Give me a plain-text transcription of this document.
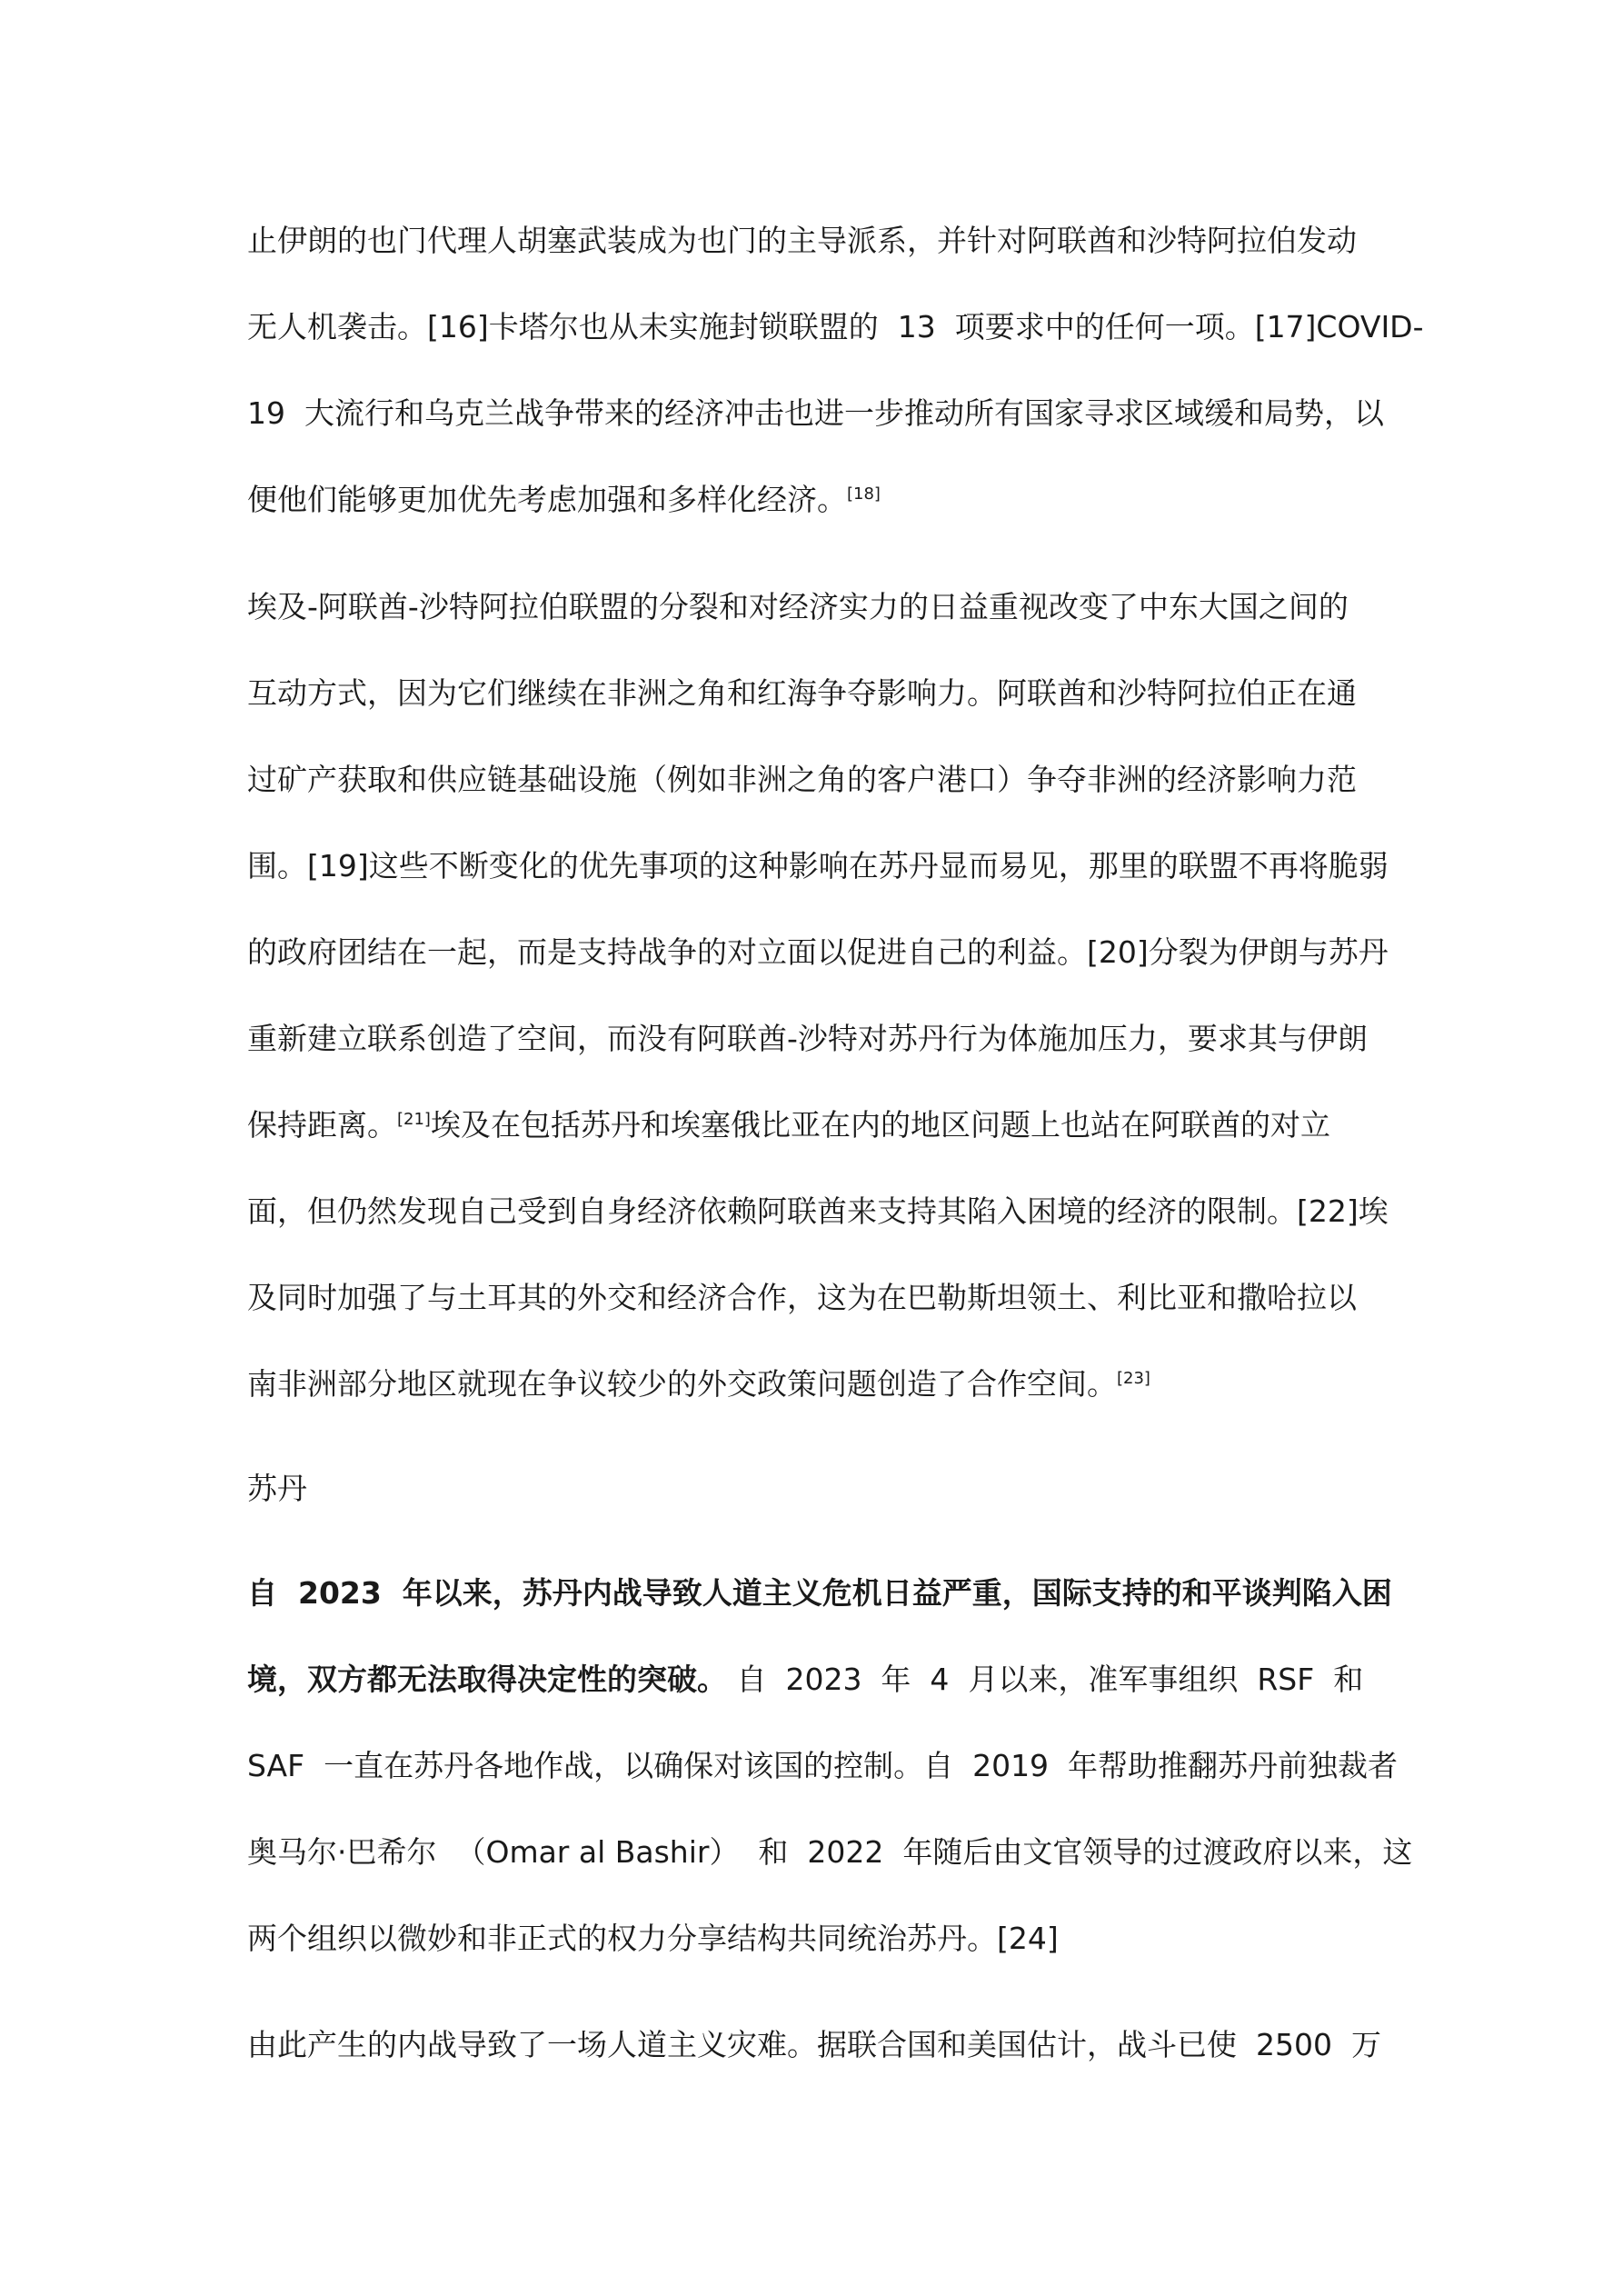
止伊朗的也门代理人胡塞武装成为也门的主导派系，并针对阿联酋和沙特阿拉伯发动

无人机袭击。[16]卡塔尔也从未实施封锁联盟的  13  项要求中的任何一项。[17]COVID-

19  大流行和乌克兰战争带来的经济冲击也进一步推动所有国家寻求区域缓和局势，以

便他们能够更加优先考虑加强和多样化经济。[18]

埃及-阿联酋-沙特阿拉伯联盟的分裂和对经济实力的日益重视改变了中东大国之间的

互动方式，因为它们继续在非洲之角和红海争夺影响力。阿联酋和沙特阿拉伯正在通

过矿产获取和供应链基础设施（例如非洲之角的客户港口）争夺非洲的经济影响力范

围。[19]这些不断变化的优先事项的这种影响在苏丹显而易见，那里的联盟不再将脆弱

的政府团结在一起，而是支持战争的对立面以促进自己的利益。[20]分裂为伊朗与苏丹

重新建立联系创造了空间，而没有阿联酋-沙特对苏丹行为体施加压力，要求其与伊朗

保持距离。[21]埃及在包括苏丹和埃塞俄比亚在内的地区问题上也站在阿联酋的对立

面，但仍然发现自己受到自身经济依赖阿联酋来支持其陷入困境的经济的限制。[22]埃

及同时加强了与土耳其的外交和经济合作，这为在巴勒斯坦领土、利比亚和撒哈拉以

南非洲部分地区就现在争议较少的外交政策问题创造了合作空间。[23]

苏丹

自  2023  年以来，苏丹内战导致人道主义危机日益严重，国际支持的和平谈判陷入困

境，双方都无法取得决定性的突破。 自  2023  年  4  月以来，准军事组织  RSF  和

SAF  一直在苏丹各地作战，以确保对该国的控制。自  2019  年帮助推翻苏丹前独裁者

奥马尔·巴希尔  （Omar al Bashir）  和  2022  年随后由文官领导的过渡政府以来，这

两个组织以微妙和非正式的权力分享结构共同统治苏丹。[24]

由此产生的内战导致了一场人道主义灾难。据联合国和美国估计，战斗已使  2500  万
